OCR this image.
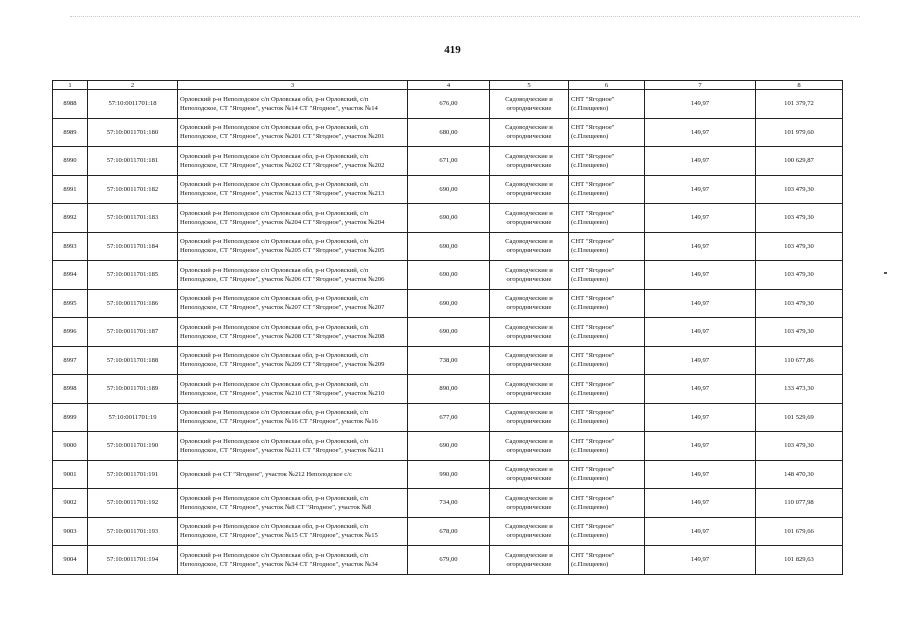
419
1	2	3	4	5	6	7	8
8988	57:10:0011701:18	Орловский р-н Неполодское с/п Орловская обл, р-н Орловский, с/п Неполодское, СТ "Ягодное", участок №14 СТ "Ягодное", участок №14	676,00	Садоводческие и огороднические	СНТ "Ягодное" (с.Плещеево)	149,97	101 379,72
8989	57:10:0011701:180	Орловский р-н Неполодское с/п Орловская обл, р-н Орловский, с/п Неполодское, СТ "Ягодное", участок №201 СТ "Ягодное", участок №201	680,00	Садоводческие и огороднические	СНТ "Ягодное" (с.Плещеево)	149,97	101 979,60
8990	57:10:0011701:181	Орловский р-н Неполодское с/п Орловская обл, р-н Орловский, с/п Неполодское, СТ "Ягодное", участок №202 СТ "Ягодное", участок №202	671,00	Садоводческие и огороднические	СНТ "Ягодное" (с.Плещеево)	149,97	100 629,87
8991	57:10:0011701:182	Орловский р-н Неполодское с/п Орловская обл, р-н Орловский, с/п Неполодское, СТ "Ягодное", участок №213 СТ "Ягодное", участок №213	690,00	Садоводческие и огороднические	СНТ "Ягодное" (с.Плещеево)	149,97	103 479,30
8992	57:10:0011701:183	Орловский р-н Неполодское с/п Орловская обл, р-н Орловский, с/п Неполодское, СТ "Ягодное", участок №204 СТ "Ягодное", участок №204	690,00	Садоводческие и огороднические	СНТ "Ягодное" (с.Плещеево)	149,97	103 479,30
8993	57:10:0011701:184	Орловский р-н Неполодское с/п Орловская обл, р-н Орловский, с/п Неполодское, СТ "Ягодное", участок №205 СТ "Ягодное", участок №205	690,00	Садоводческие и огороднические	СНТ "Ягодное" (с.Плещеево)	149,97	103 479,30
8994	57:10:0011701:185	Орловский р-н Неполодское с/п Орловская обл, р-н Орловский, с/п Неполодское, СТ "Ягодное", участок №206 СТ "Ягодное", участок №206	690,00	Садоводческие и огороднические	СНТ "Ягодное" (с.Плещеево)	149,97	103 479,30
8995	57:10:0011701:186	Орловский р-н Неполодское с/п Орловская обл, р-н Орловский, с/п Неполодское, СТ "Ягодное", участок №207 СТ "Ягодное", участок №207	690,00	Садоводческие и огороднические	СНТ "Ягодное" (с.Плещеево)	149,97	103 479,30
8996	57:10:0011701:187	Орловский р-н Неполодское с/п Орловская обл, р-н Орловский, с/п Неполодское, СТ "Ягодное", участок №208 СТ "Ягодное", участок №208	690,00	Садоводческие и огороднические	СНТ "Ягодное" (с.Плещеево)	149,97	103 479,30
8997	57:10:0011701:188	Орловский р-н Неполодское с/п Орловская обл, р-н Орловский, с/п Неполодское, СТ "Ягодное", участок №209 СТ "Ягодное", участок №209	738,00	Садоводческие и огороднические	СНТ "Ягодное" (с.Плещеево)	149,97	110 677,86
8998	57:10:0011701:189	Орловский р-н Неполодское с/п Орловская обл, р-н Орловский, с/п Неполодское, СТ "Ягодное", участок №210 СТ "Ягодное", участок №210	890,00	Садоводческие и огороднические	СНТ "Ягодное" (с.Плещеево)	149,97	133 473,30
8999	57:10:0011701:19	Орловский р-н Неполодское с/п Орловская обл, р-н Орловский, с/п Неполодское, СТ "Ягодное", участок №16 СТ "Ягодное", участок №16	677,00	Садоводческие и огороднические	СНТ "Ягодное" (с.Плещеево)	149,97	101 529,69
9000	57:10:0011701:190	Орловский р-н Неполодское с/п Орловская обл, р-н Орловский, с/п Неполодское, СТ "Ягодное", участок №211 СТ "Ягодное", участок №211	690,00	Садоводческие и огороднические	СНТ "Ягодное" (с.Плещеево)	149,97	103 479,30
9001	57:10:0011701:191	Орловский р-н СТ "Ягодное", участок №212 Неполодское с/с	990,00	Садоводческие и огороднические	СНТ "Ягодное" (с.Плещеево)	149,97	148 470,30
9002	57:10:0011701:192	Орловский р-н Неполодское с/п Орловская обл, р-н Орловский, с/п Неполодское, СТ "Ягодное", участок №8 СТ "Ягодное", участок №8	734,00	Садоводческие и огороднические	СНТ "Ягодное" (с.Плещеево)	149,97	110 077,98
9003	57:10:0011701:193	Орловский р-н Неполодское с/п Орловская обл, р-н Орловский, с/п Неполодское, СТ "Ягодное", участок №15 СТ "Ягодное", участок №15	678,00	Садоводческие и огороднические	СНТ "Ягодное" (с.Плещеево)	149,97	101 679,66
9004	57:10:0011701:194	Орловский р-н Неполодское с/п Орловская обл, р-н Орловский, с/п Неполодское, СТ "Ягодное", участок №34 СТ "Ягодное", участок №34	679,00	Садоводческие и огороднические	СНТ "Ягодное" (с.Плещеево)	149,97	101 829,63
